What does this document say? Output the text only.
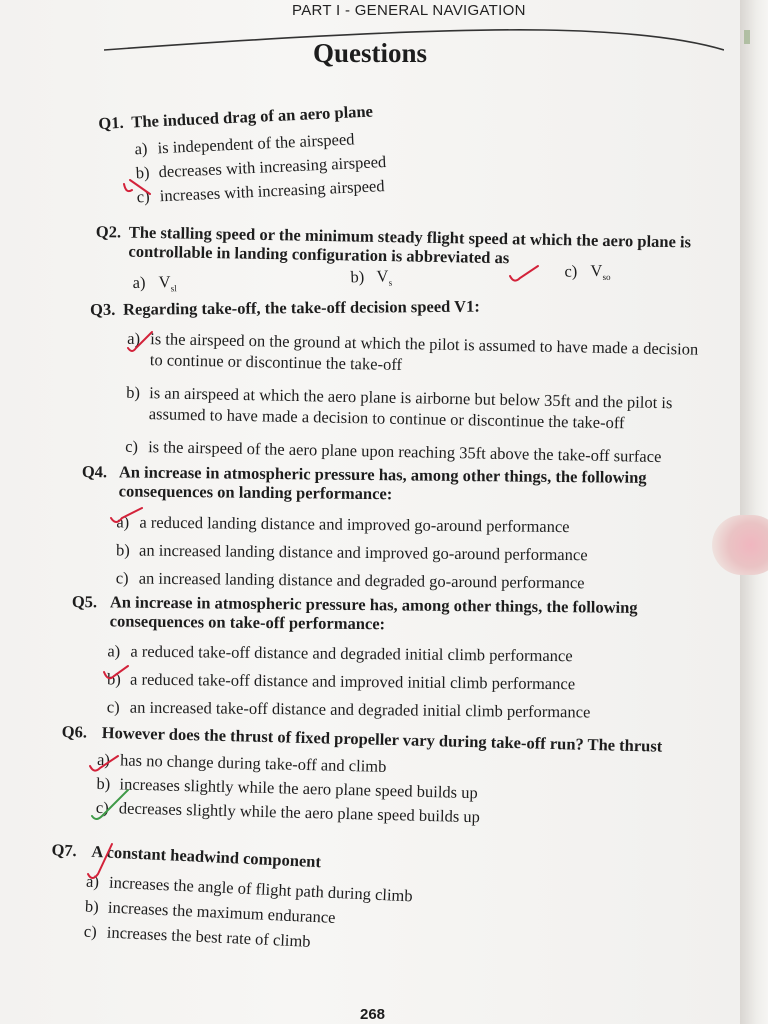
PART I - GENERAL NAVIGATION
Questions
Q1. The induced drag of an aero plane
a) is independent of the airspeed
b) decreases with increasing airspeed
c) increases with increasing airspeed
Q2. The stalling speed or the minimum steady flight speed at which the aero plane is controllable in landing configuration is abbreviated as
a) $V_{sl}$
b) $V_s$
c) $V_{so}$
Q3. Regarding take-off, the take-off decision speed V1:
a) is the airspeed on the ground at which the pilot is assumed to have made a decision to continue or discontinue the take-off
b) is an airspeed at which the aero plane is airborne but below 35ft and the pilot is assumed to have made a decision to continue or discontinue the take-off
c) is the airspeed of the aero plane upon reaching 35ft above the take-off surface
Q4. An increase in atmospheric pressure has, among other things, the following consequences on landing performance:
a) a reduced landing distance and improved go-around performance
b) an increased landing distance and improved go-around performance
c) an increased landing distance and degraded go-around performance
Q5. An increase in atmospheric pressure has, among other things, the following consequences on take-off performance:
a) a reduced take-off distance and degraded initial climb performance
b) a reduced take-off distance and improved initial climb performance
c) an increased take-off distance and degraded initial climb performance
Q6. However does the thrust of fixed propeller vary during take-off run? The thrust
a) has no change during take-off and climb
b) increases slightly while the aero plane speed builds up
c) decreases slightly while the aero plane speed builds up
Q7. A constant headwind component
a) increases the angle of flight path during climb
b) increases the maximum endurance
c) increases the best rate of climb
268
